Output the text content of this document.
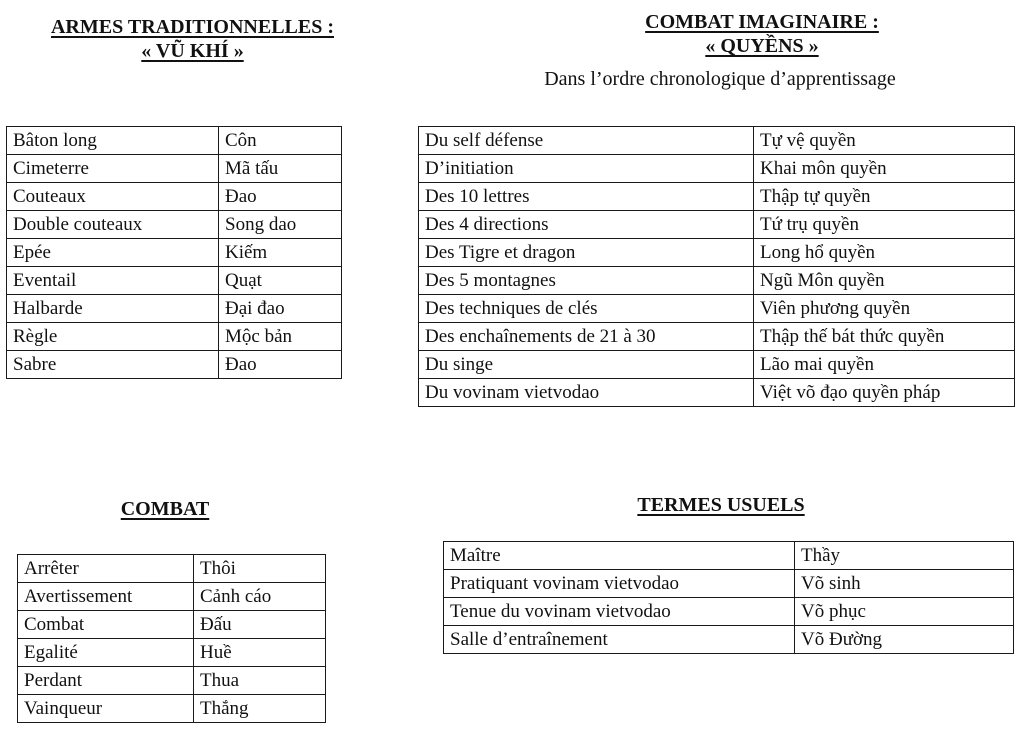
ARMES TRADITIONNELLES :
« VŨ KHÍ »
Bâton long	Côn
Cimeterre	Mã tấu
Couteaux	Đao
Double couteaux	Song dao
Epée	Kiếm
Eventail	Quạt
Halbarde	Đại đao
Règle	Mộc bản
Sabre	Đao
COMBAT IMAGINAIRE :
« QUYỀNS »
Dans l’ordre chronologique d’apprentissage
Du self défense	Tự vệ quyền
D’initiation	Khai môn quyền
Des 10 lettres	Thập tự quyền
Des 4 directions	Tứ trụ quyền
Des Tigre et dragon	Long hổ quyền
Des 5 montagnes	Ngũ Môn quyền
Des techniques de clés	Viên phương quyền
Des enchaînements de 21 à 30	Thập thế bát thức quyền
Du singe	Lão mai quyền
Du vovinam vietvodao	Việt võ đạo quyền pháp
COMBAT
Arrêter	Thôi
Avertissement	Cảnh cáo
Combat	Đấu
Egalité	Huề
Perdant	Thua
Vainqueur	Thắng
TERMES USUELS
Maître	Thầy
Pratiquant vovinam vietvodao	Võ sinh
Tenue du vovinam vietvodao	Võ phục
Salle d’entraînement	Võ Đường
